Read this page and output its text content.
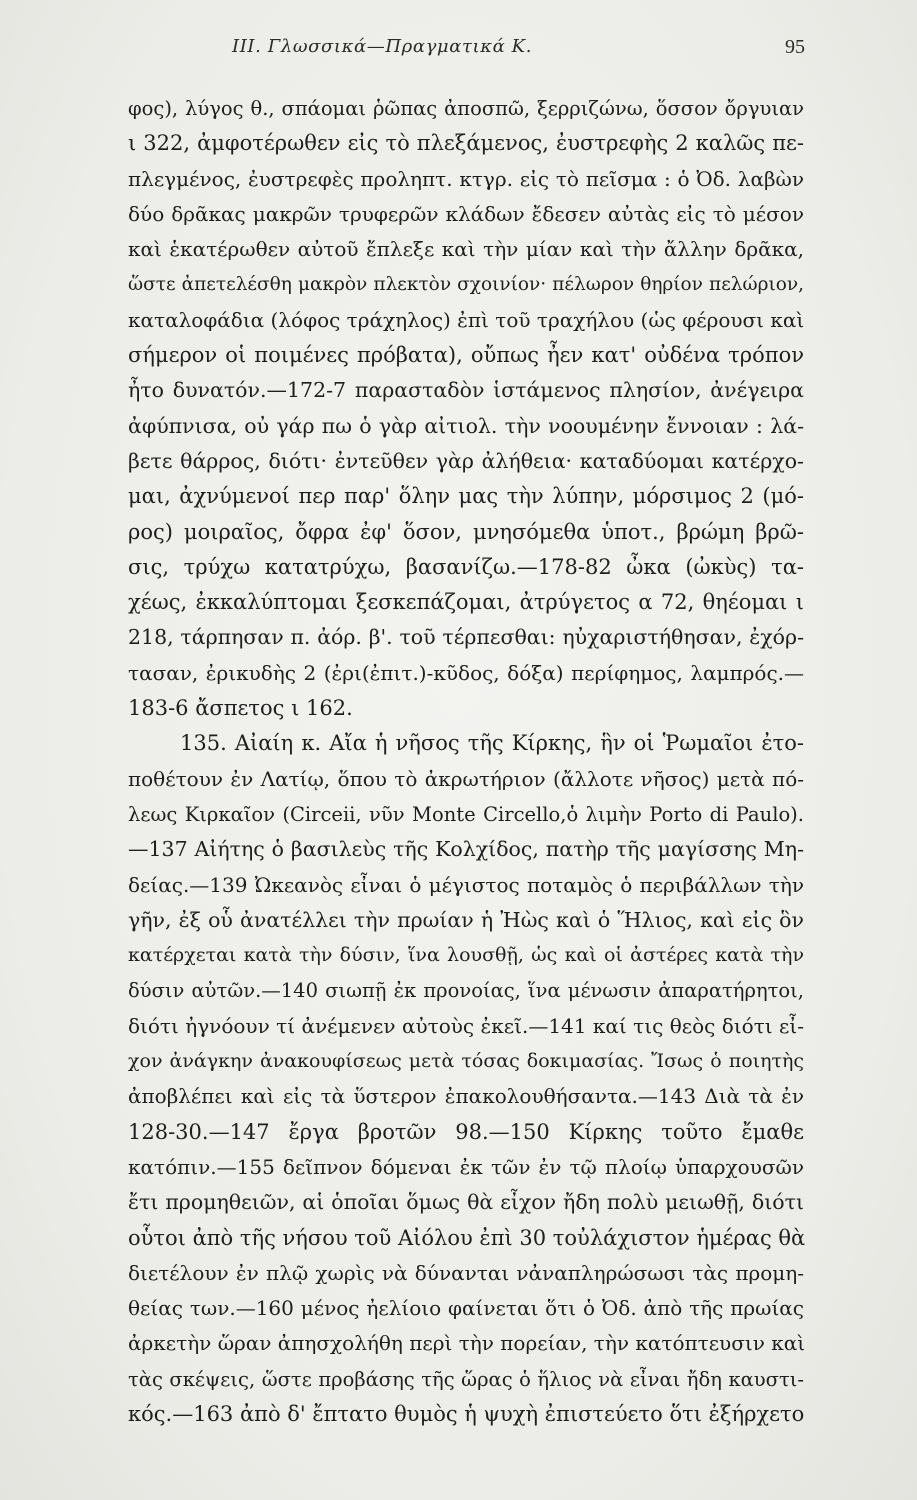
III. Γλωσσικά—Πραγματικά Κ.	95
φος), λύγος θ., σπάομαι ῥῶπας ἀποσπῶ, ξερριζώνω, ὅσσον ὄργυιαν
ι 322, ἀμφοτέρωθεν εἰς τὸ πλεξάμενος, ἐυστρεφὴς 2 καλῶς πε-
πλεγμένος, ἐυστρεφὲς προληπτ. κτγρ. εἰς τὸ πεῖσμα : ὁ Ὀδ. λαβὼν
δύο δρᾶκας μακρῶν τρυφερῶν κλάδων ἔδεσεν αὐτὰς εἰς τὸ μέσον
καὶ ἑκατέρωθεν αὐτοῦ ἔπλεξε καὶ τὴν μίαν καὶ τὴν ἄλλην δρᾶκα,
ὥστε ἀπετελέσθη μακρὸν πλεκτὸν σχοινίον· πέλωρον θηρίον πελώριον,
καταλοφάδια (λόφος τράχηλος) ἐπὶ τοῦ τραχήλου (ὡς φέρουσι καὶ
σήμερον οἱ ποιμένες πρόβατα), οὔπως ἦεν κατ' οὐδένα τρόπον
ἦτο δυνατόν.—172-7 παρασταδὸν ἱστάμενος πλησίον, ἀνέγειρα
ἀφύπνισα, οὐ γάρ πω ὁ γὰρ αἰτιολ. τὴν νοουμένην ἔννοιαν : λά-
βετε θάρρος, διότι· ἐντεῦθεν γὰρ ἀλήθεια· καταδύομαι κατέρχο-
μαι, ἀχνύμενοί περ παρ' ὅλην μας τὴν λύπην, μόρσιμος 2 (μό-
ρος) μοιραῖος, ὄφρα ἐφ' ὅσον, μνησόμεθα ὑποτ., βρώμη βρῶ-
σις, τρύχω κατατρύχω, βασανίζω.—178-82 ὦκα (ὠκὺς) τα-
χέως, ἐκκαλύπτομαι ξεσκεπάζομαι, ἀτρύγετος α 72, θηέομαι ι
218, τάρπησαν π. ἀόρ. β'. τοῦ τέρπεσθαι: ηὐχαριστήθησαν, ἐχόρ-
τασαν, ἐρικυδὴς 2 (ἐρι(ἐπιτ.)-κῦδος, δόξα) περίφημος, λαμπρός.—
183-6 ἄσπετος ι 162.
135. Αἰαίη κ. Αἴα ἡ νῆσος τῆς Κίρκης, ἣν οἱ Ῥωμαῖοι ἐτο-
ποθέτουν ἐν Λατίῳ, ὅπου τὸ ἀκρωτήριον (ἄλλοτε νῆσος) μετὰ πό-
λεως Κιρκαῖον (Circeii, νῦν Monte Circello,ὁ λιμὴν Porto di Paulo).
—137 Αἰήτης ὁ βασιλεὺς τῆς Κολχίδος, πατὴρ τῆς μαγίσσης Μη-
δείας.—139 Ὠκεανὸς εἶναι ὁ μέγιστος ποταμὸς ὁ περιβάλλων τὴν
γῆν, ἐξ οὗ ἀνατέλλει τὴν πρωίαν ἡ Ἠὼς καὶ ὁ Ἥλιος, καὶ εἰς ὃν
κατέρχεται κατὰ τὴν δύσιν, ἵνα λουσθῇ, ὡς καὶ οἱ ἀστέρες κατὰ τὴν
δύσιν αὐτῶν.—140 σιωπῇ ἐκ προνοίας, ἵνα μένωσιν ἀπαρατήρητοι,
διότι ἠγνόουν τί ἀνέμενεν αὐτοὺς ἐκεῖ.—141 καί τις θεὸς διότι εἶ-
χον ἀνάγκην ἀνακουφίσεως μετὰ τόσας δοκιμασίας. Ἴσως ὁ ποιητὴς
ἀποβλέπει καὶ εἰς τὰ ὕστερον ἐπακολουθήσαντα.—143 Διὰ τὰ ἐν
128-30.—147 ἔργα βροτῶν 98.—150 Κίρκης τοῦτο ἔμαθε
κατόπιν.—155 δεῖπνον δόμεναι ἐκ τῶν ἐν τῷ πλοίῳ ὑπαρχουσῶν
ἔτι προμηθειῶν, αἱ ὁποῖαι ὅμως θὰ εἶχον ἤδη πολὺ μειωθῇ, διότι
οὗτοι ἀπὸ τῆς νήσου τοῦ Αἰόλου ἐπὶ 30 τοὐλάχιστον ἡμέρας θὰ
διετέλουν ἐν πλῷ χωρὶς νὰ δύνανται νἀναπληρώσωσι τὰς προμη-
θείας των.—160 μένος ἠελίοιο φαίνεται ὅτι ὁ Ὀδ. ἀπὸ τῆς πρωίας
ἀρκετὴν ὥραν ἀπησχολήθη περὶ τὴν πορείαν, τὴν κατόπτευσιν καὶ
τὰς σκέψεις, ὥστε προβάσης τῆς ὥρας ὁ ἥλιος νὰ εἶναι ἤδη καυστι-
κός.—163 ἀπὸ δ' ἔπτατο θυμὸς ἡ ψυχὴ ἐπιστεύετο ὅτι ἐξήρχετο
